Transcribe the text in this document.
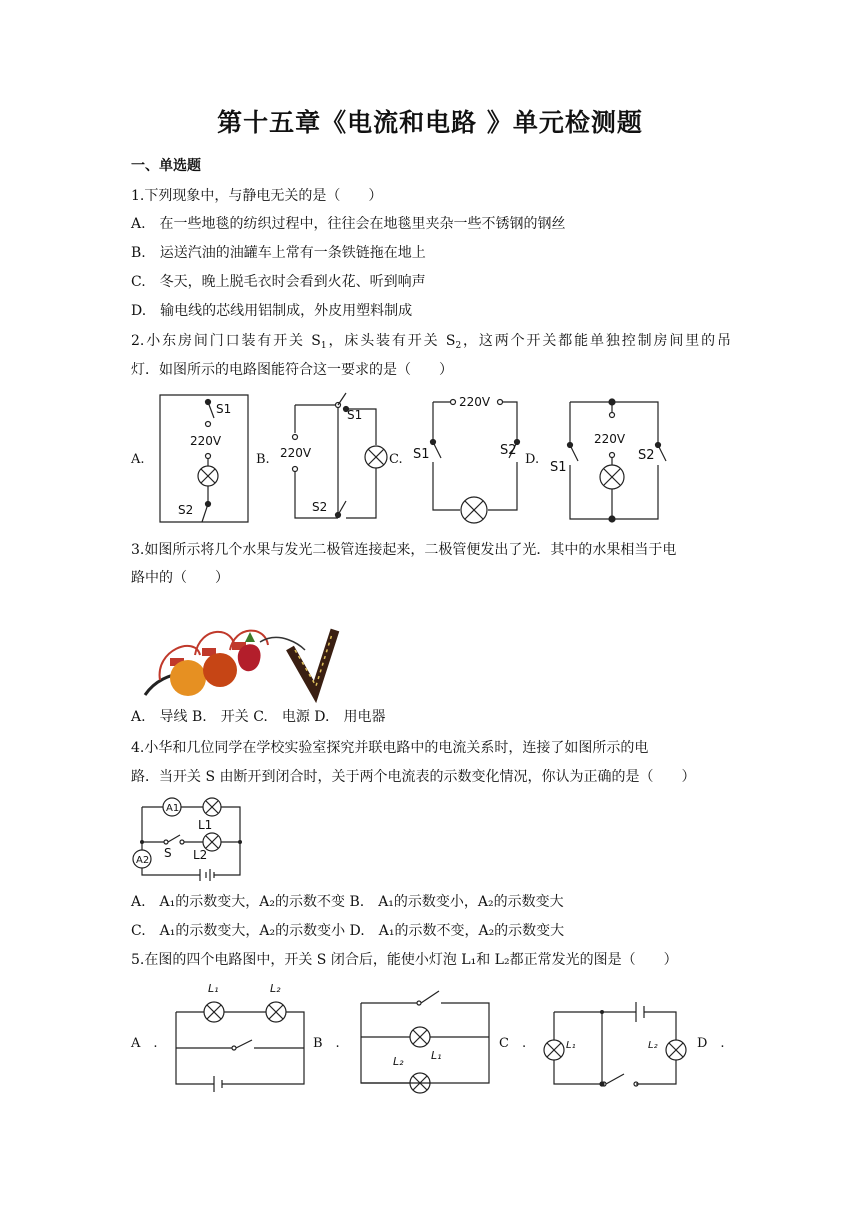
第十五章《电流和电路 》单元检测题
一、单选题
1.下列现象中，与静电无关的是（　　）
A.　在一些地毯的纺织过程中，往往会在地毯里夹杂一些不锈钢的钢丝
B.　运送汽油的油罐车上常有一条铁链拖在地上
C.　冬天，晚上脱毛衣时会看到火花、听到响声
D.　输电线的芯线用铝制成，外皮用塑料制成
2.小东房间门口装有开关 $S_1$，床头装有开关 $S_2$，这两个开关都能单独控制房间里的吊
灯．如图所示的电路图能符合这一要求的是（　　）
A.	B.	C.	D.
S1
220V
S2
S1
220V
S2
220V
S1	S2
220V
S1
S2
3.如图所示将几个水果与发光二极管连接起来，二极管便发出了光．其中的水果相当于电
路中的（　　）
A.　导线 B.　开关 C.　电源 D.　用电器
4.小华和几位同学在学校实验室探究并联电路中的电流关系时，连接了如图所示的电
路．当开关 S 由断开到闭合时，关于两个电流表的示数变化情况，你认为正确的是（　　）
A1
A2
L1
L2
S
A.　A₁的示数变大，A₂的示数不变 B.　A₁的示数变小，A₂的示数变大
C.　A₁的示数变大，A₂的示数变小 D.　A₁的示数不变，A₂的示数变大
5.在图的四个电路图中，开关 S 闭合后，能使小灯泡 L₁和 L₂都正常发光的图是（　　）
A　.	B　.	C　.	D　.
L₁	L₂
L₂ L₁
L₁	L₂
